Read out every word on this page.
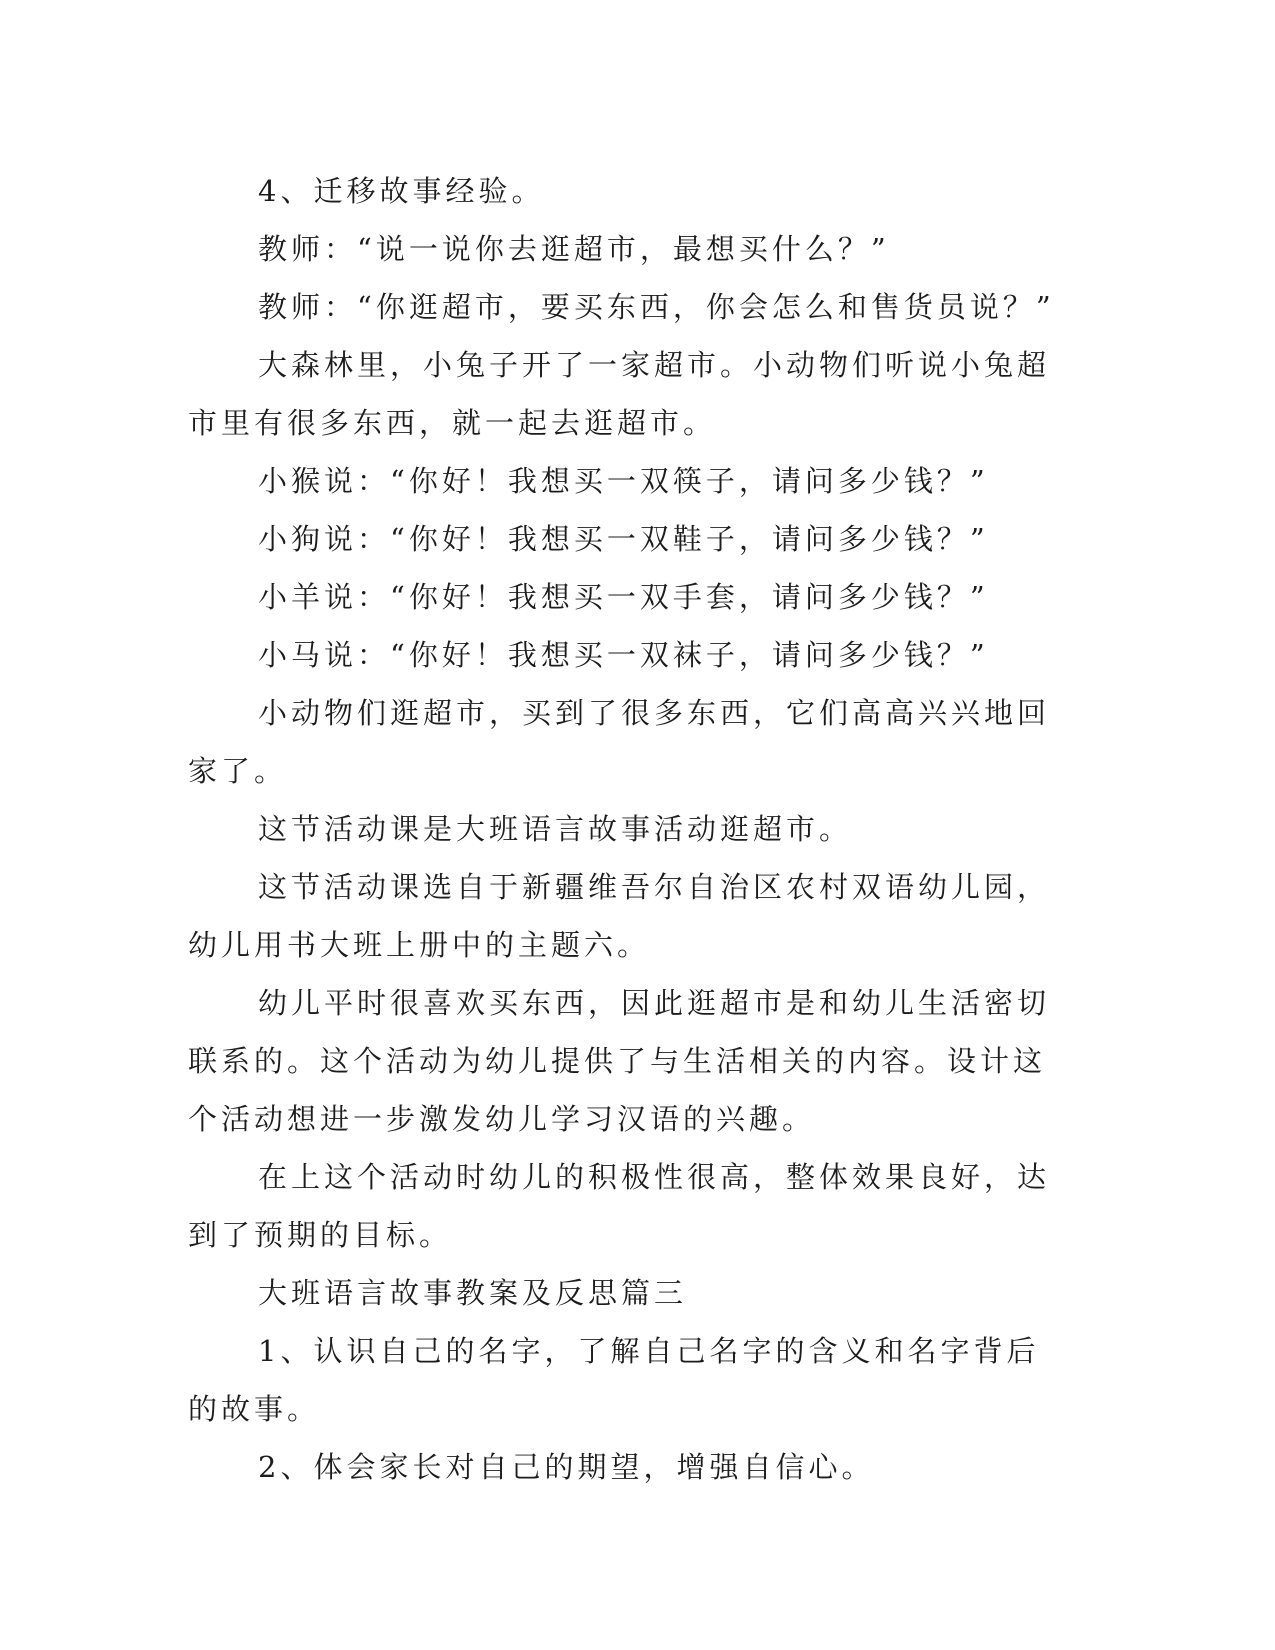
4、迁移故事经验。

教师：“说一说你去逛超市，最想买什么？”

教师：“你逛超市，要买东西，你会怎么和售货员说？”

大森林里，小兔子开了一家超市。小动物们听说小兔超市里有很多东西，就一起去逛超市。

小猴说：“你好！我想买一双筷子，请问多少钱？”

小狗说：“你好！我想买一双鞋子，请问多少钱？”

小羊说：“你好！我想买一双手套，请问多少钱？”

小马说：“你好！我想买一双袜子，请问多少钱？”

小动物们逛超市，买到了很多东西，它们高高兴兴地回家了。

这节活动课是大班语言故事活动逛超市。

这节活动课选自于新疆维吾尔自治区农村双语幼儿园，幼儿用书大班上册中的主题六。

幼儿平时很喜欢买东西，因此逛超市是和幼儿生活密切联系的。这个活动为幼儿提供了与生活相关的内容。设计这个活动想进一步激发幼儿学习汉语的兴趣。

在上这个活动时幼儿的积极性很高，整体效果良好，达到了预期的目标。

大班语言故事教案及反思篇三

1、认识自己的名字，了解自己名字的含义和名字背后的故事。

2、体会家长对自己的期望，增强自信心。
